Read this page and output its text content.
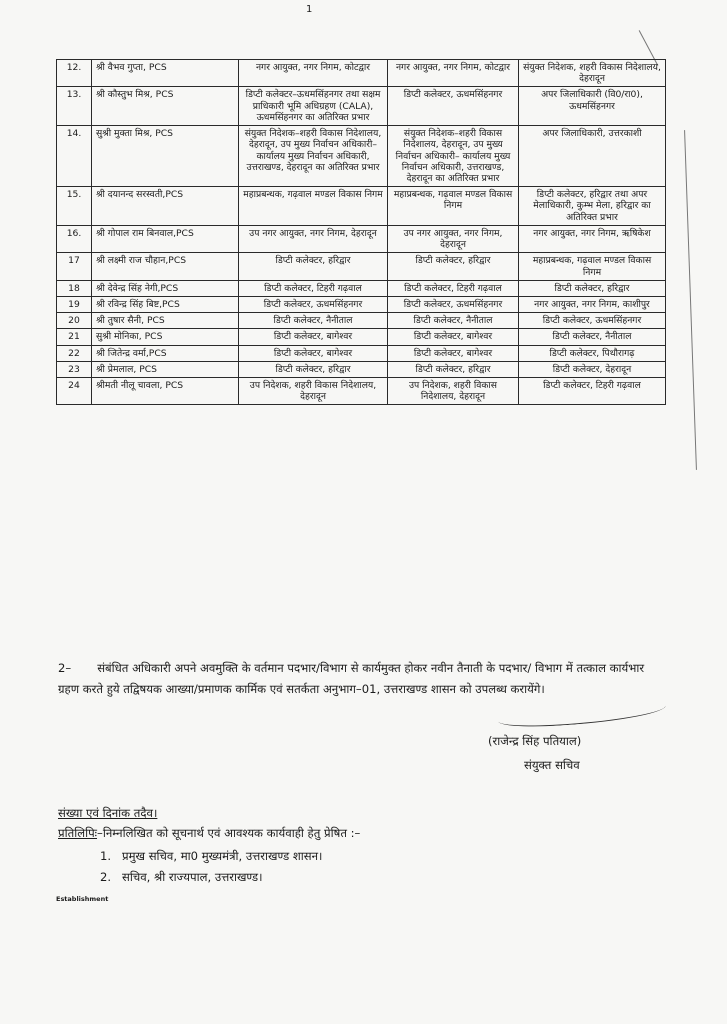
1
12.	श्री वैभव गुप्ता, PCS	नगर आयुक्त, नगर निगम, कोटद्वार	नगर आयुक्त, नगर निगम, कोटद्वार	संयुक्त निदेशक, शहरी विकास निदेशालय, देहरादून
13.	श्री कौस्तुभ मिश्र, PCS	डिप्टी कलेक्टर–ऊधमसिंहनगर तथा सक्षम प्राधिकारी भूमि अधिग्रहण (CALA), ऊधमसिंहनगर का अतिरिक्त प्रभार	डिप्टी कलेक्टर, ऊधमसिंहनगर	अपर जिलाधिकारी (वि0/रा0), ऊधमसिंहनगर
14.	सुश्री मुक्ता मिश्र, PCS	संयुक्त निदेशक–शहरी विकास निदेशालय, देहरादून, उप मुख्य निर्वाचन अधिकारी–कार्यालय मुख्य निर्वाचन अधिकारी, उत्तराखण्ड, देहरादून का अतिरिक्त प्रभार	संयुक्त निदेशक–शहरी विकास निदेशालय, देहरादून, उप मुख्य निर्वाचन अधिकारी– कार्यालय मुख्य निर्वाचन अधिकारी, उत्तराखण्ड, देहरादून का अतिरिक्त प्रभार	अपर जिलाधिकारी, उत्तरकाशी
15.	श्री दयानन्द सरस्वती,PCS	महाप्रबन्धक, गढ़वाल मण्डल विकास निगम	महाप्रबन्धक, गढ़वाल मण्डल विकास निगम	डिप्टी कलेक्टर, हरिद्वार तथा अपर मेलाधिकारी, कुम्भ मेला, हरिद्वार का अतिरिक्त प्रभार
16.	श्री गोपाल राम बिनवाल,PCS	उप नगर आयुक्त, नगर निगम, देहरादून	उप नगर आयुक्त, नगर निगम, देहरादून	नगर आयुक्त, नगर निगम, ऋषिकेश
17	श्री लक्ष्मी राज चौहान,PCS	डिप्टी कलेक्टर, हरिद्वार	डिप्टी कलेक्टर, हरिद्वार	महाप्रबन्धक, गढ़वाल मण्डल विकास निगम
18	श्री देवेन्द्र सिंह नेगी,PCS	डिप्टी कलेक्टर, टिहरी गढ़वाल	डिप्टी कलेक्टर, टिहरी गढ़वाल	डिप्टी कलेक्टर, हरिद्वार
19	श्री रविन्द्र सिंह बिष्ट,PCS	डिप्टी कलेक्टर, ऊधमसिंहनगर	डिप्टी कलेक्टर, ऊधमसिंहनगर	नगर आयुक्त, नगर निगम, काशीपुर
20	श्री तुषार सैनी, PCS	डिप्टी कलेक्टर, नैनीताल	डिप्टी कलेक्टर, नैनीताल	डिप्टी कलेक्टर, ऊधमसिंहनगर
21	सुश्री मोनिका, PCS	डिप्टी कलेक्टर, बागेश्वर	डिप्टी कलेक्टर, बागेश्वर	डिप्टी कलेक्टर, नैनीताल
22	श्री जितेन्द्र वर्मा,PCS	डिप्टी कलेक्टर, बागेश्वर	डिप्टी कलेक्टर, बागेश्वर	डिप्टी कलेक्टर, पिथौरागढ़
23	श्री प्रेमलाल, PCS	डिप्टी कलेक्टर, हरिद्वार	डिप्टी कलेक्टर, हरिद्वार	डिप्टी कलेक्टर, देहरादून
24	श्रीमती नीलू चावला, PCS	उप निदेशक, शहरी विकास निदेशालय, देहरादून	उप निदेशक, शहरी विकास निदेशालय, देहरादून	डिप्टी कलेक्टर, टिहरी गढ़वाल
2– संबंधित अधिकारी अपने अवमुक्ति के वर्तमान पदभार/विभाग से कार्यमुक्त होकर नवीन तैनाती के पदभार/ विभाग में तत्काल कार्यभार ग्रहण करते हुये तद्विषयक आख्या/प्रमाणक कार्मिक एवं सतर्कता अनुभाग–01, उत्तराखण्ड शासन को उपलब्ध करायेंगे।
(राजेन्द्र सिंह पतियाल)
संयुक्त सचिव
संख्या एवं दिनांक तदैव।
प्रतिलिपिः–निम्नलिखित को सूचनार्थ एवं आवश्यक कार्यवाही हेतु प्रेषित :–
1. प्रमुख सचिव, मा0 मुख्यमंत्री, उत्तराखण्ड शासन।
2. सचिव, श्री राज्यपाल, उत्तराखण्ड।
Establishment
